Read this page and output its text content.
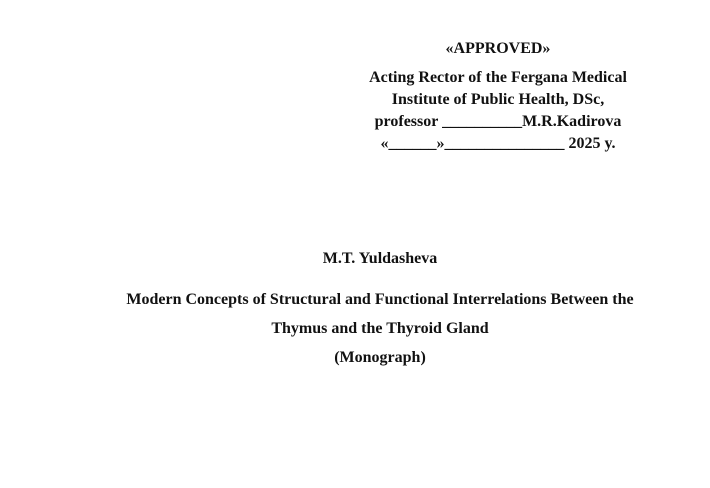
«APPROVED»
Acting Rector of the Fergana Medical
Institute of Public Health, DSc,
professor __________M.R.Kadirova
«______»_______________ 2025 y.
M.T. Yuldasheva
Modern Concepts of Structural and Functional Interrelations Between the
Thymus and the Thyroid Gland
(Monograph)
